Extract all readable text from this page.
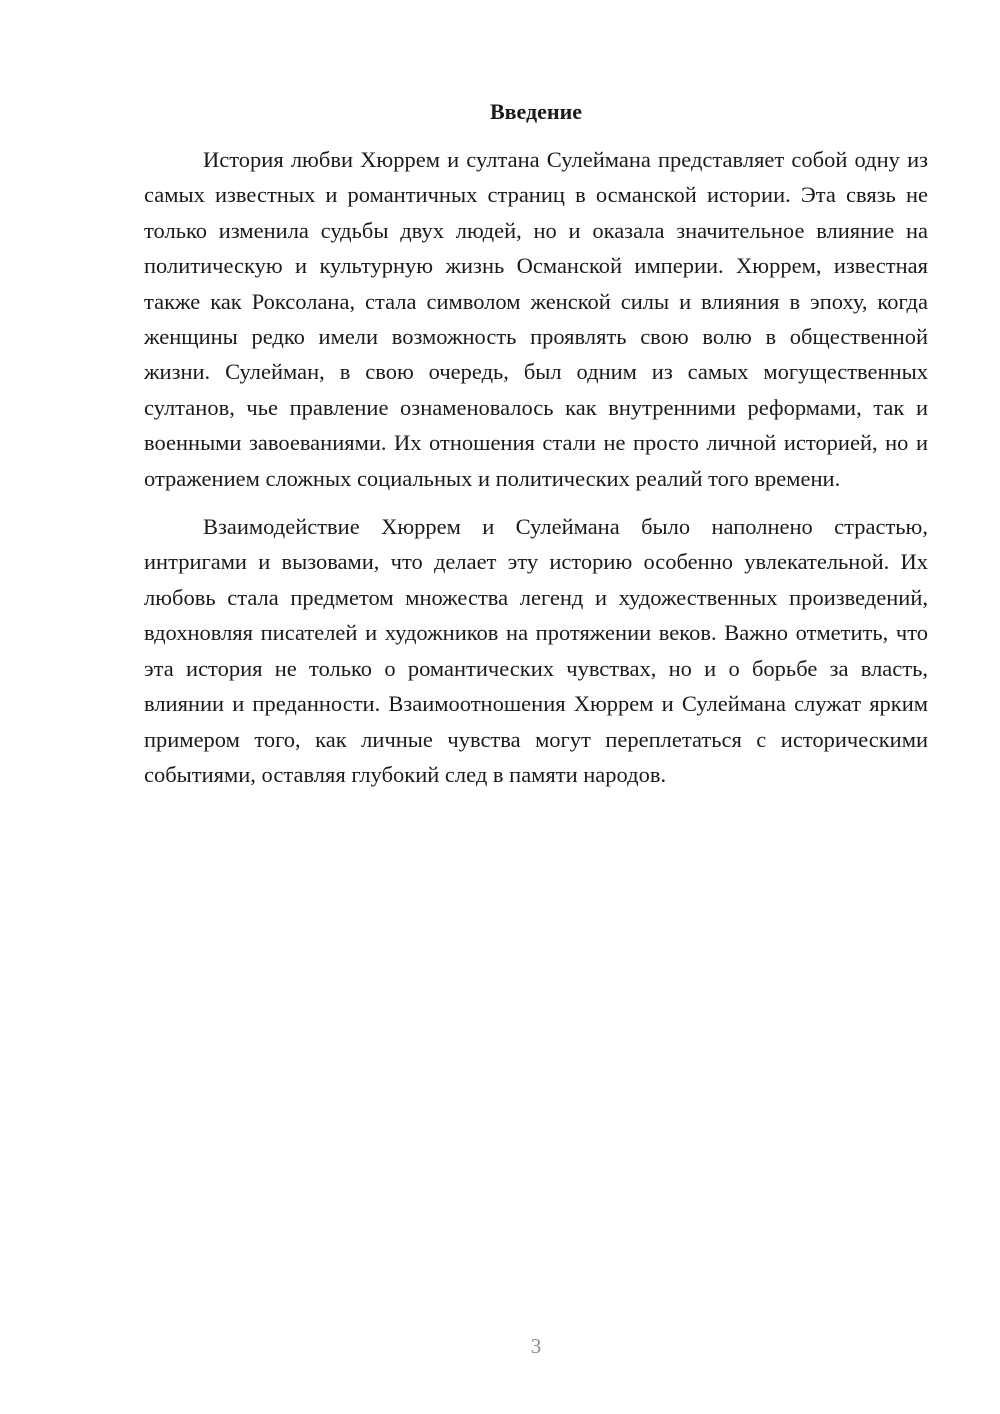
Введение

История любви Хюррем и султана Сулеймана представляет собой одну из самых известных и романтичных страниц в османской истории. Эта связь не только изменила судьбы двух людей, но и оказала значительное влияние на политическую и культурную жизнь Османской империи. Хюррем, известная также как Роксолана, стала символом женской силы и влияния в эпоху, когда женщины редко имели возможность проявлять свою волю в общественной жизни. Сулейман, в свою очередь, был одним из самых могущественных султанов, чье правление ознаменовалось как внутренними реформами, так и военными завоеваниями. Их отношения стали не просто личной историей, но и отражением сложных социальных и политических реалий того времени.

Взаимодействие Хюррем и Сулеймана было наполнено страстью, интригами и вызовами, что делает эту историю особенно увлекательной. Их любовь стала предметом множества легенд и художественных произведений, вдохновляя писателей и художников на протяжении веков. Важно отметить, что эта история не только о романтических чувствах, но и о борьбе за власть, влиянии и преданности. Взаимоотношения Хюррем и Сулеймана служат ярким примером того, как личные чувства могут переплетаться с историческими событиями, оставляя глубокий след в памяти народов.

3
